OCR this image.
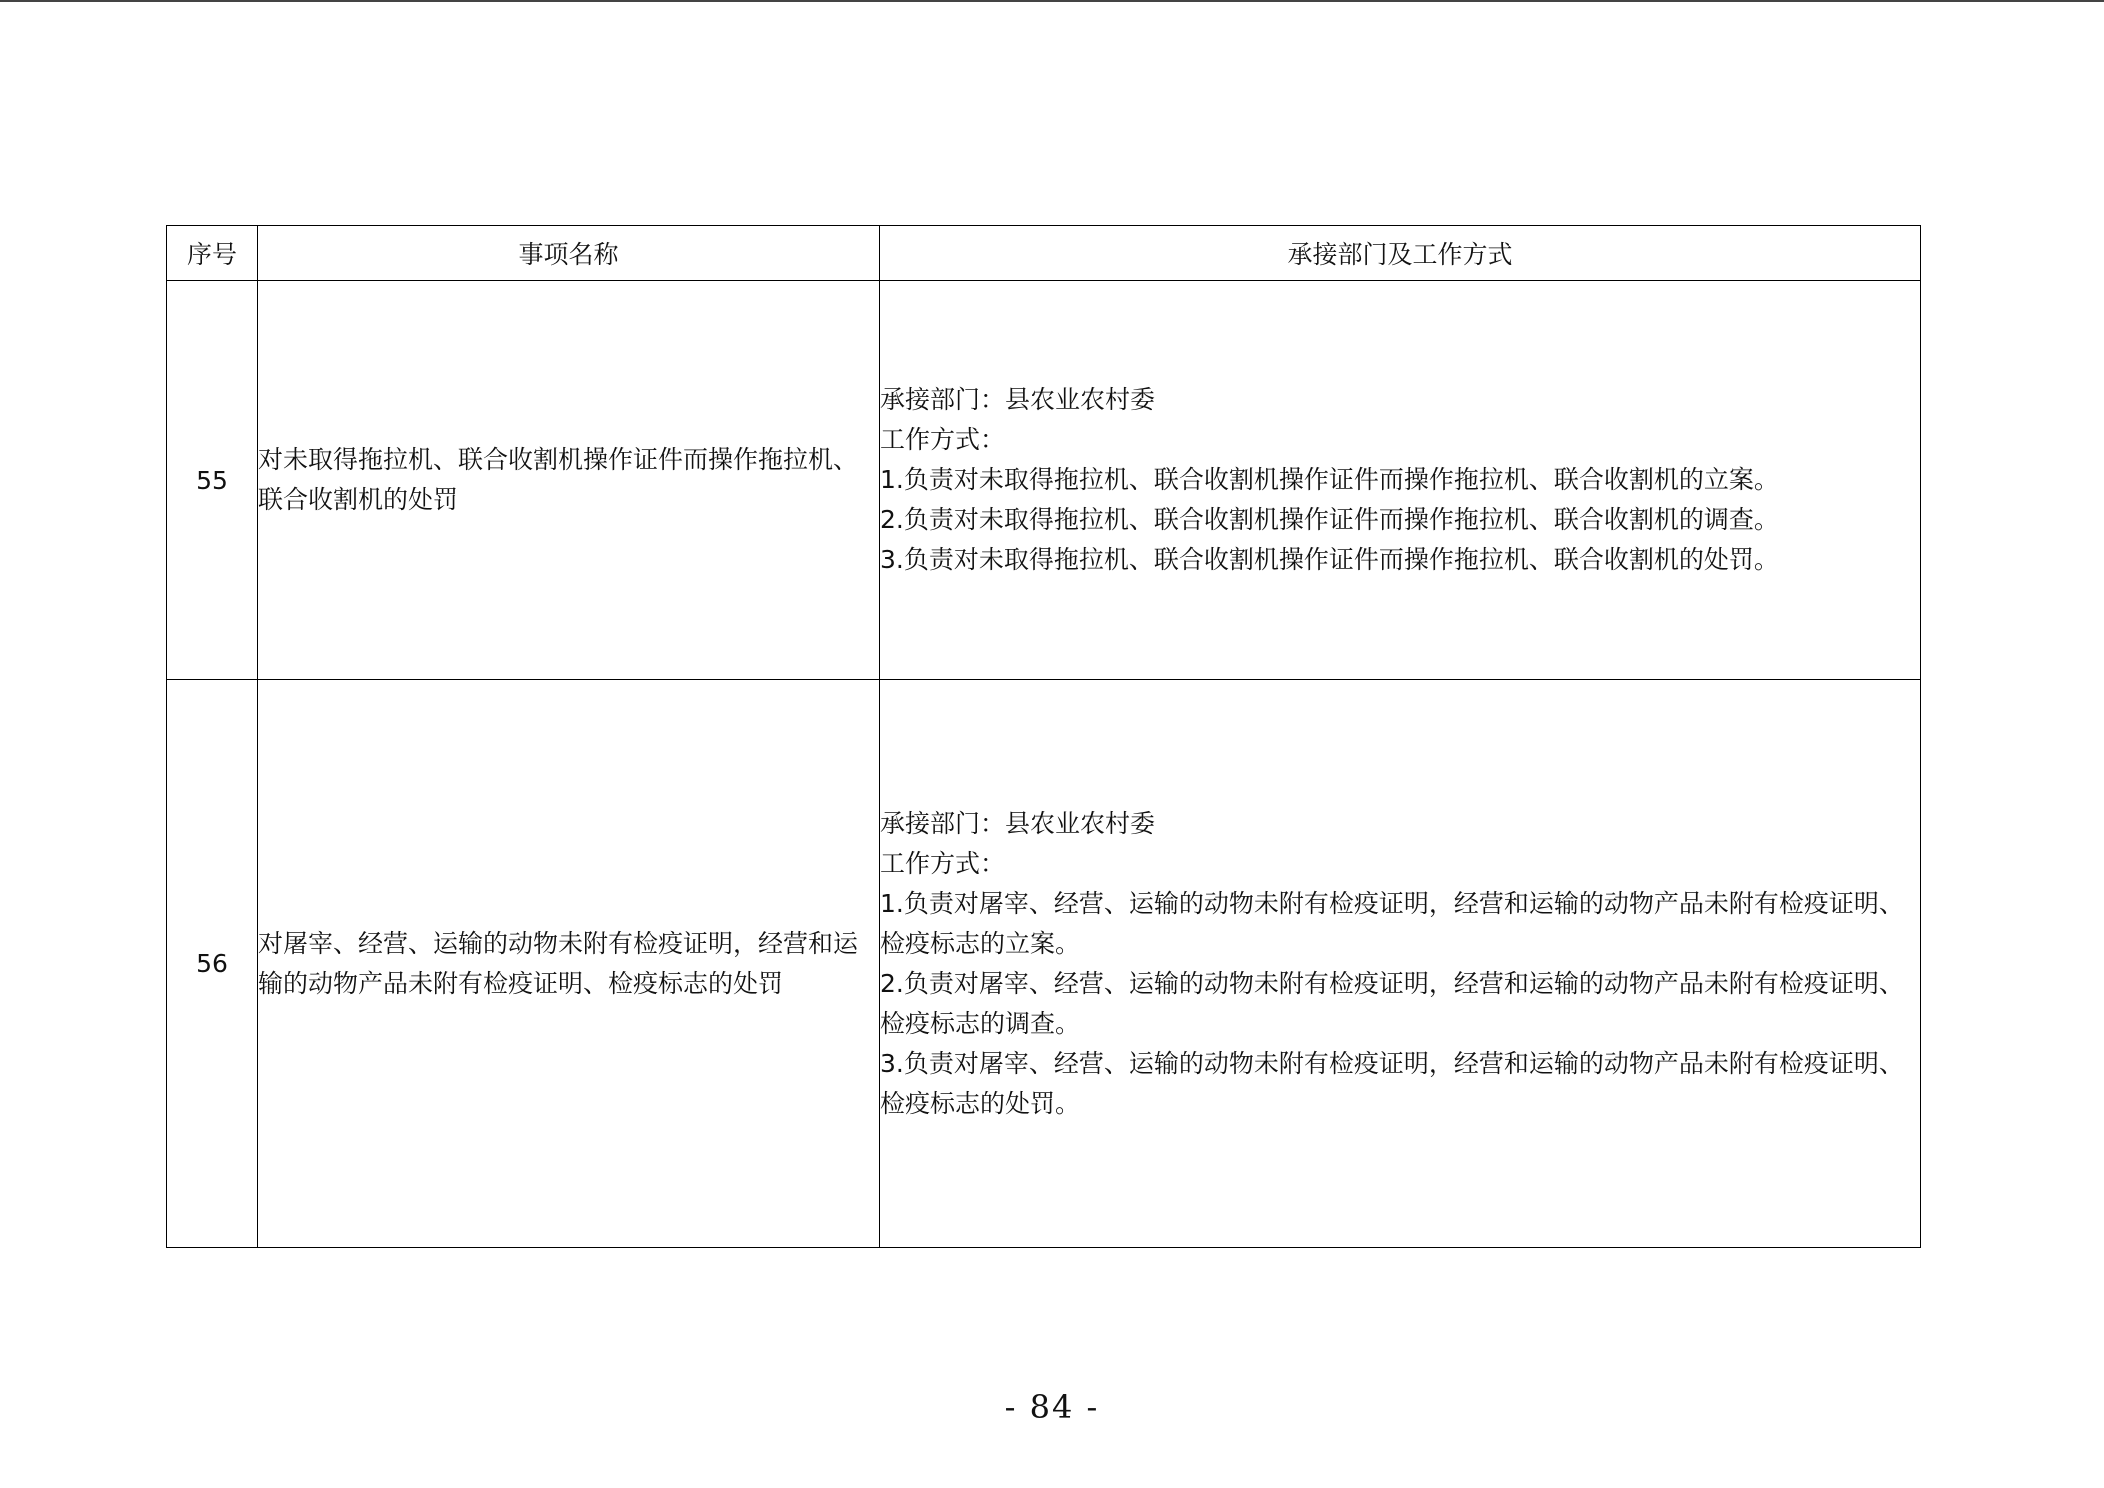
序号	事项名称	承接部门及工作方式
55	对未取得拖拉机、联合收割机操作证件而操作拖拉机、联合收割机的处罚	承接部门：县农业农村委
工作方式：
1.负责对未取得拖拉机、联合收割机操作证件而操作拖拉机、联合收割机的立案。
2.负责对未取得拖拉机、联合收割机操作证件而操作拖拉机、联合收割机的调查。
3.负责对未取得拖拉机、联合收割机操作证件而操作拖拉机、联合收割机的处罚。

56	对屠宰、经营、运输的动物未附有检疫证明，经营和运输的动物产品未附有检疫证明、检疫标志的处罚	承接部门：县农业农村委
工作方式：
1.负责对屠宰、经营、运输的动物未附有检疫证明，经营和运输的动物产品未附有检疫证明、检疫标志的立案。
2.负责对屠宰、经营、运输的动物未附有检疫证明，经营和运输的动物产品未附有检疫证明、检疫标志的调查。
3.负责对屠宰、经营、运输的动物未附有检疫证明，经营和运输的动物产品未附有检疫证明、检疫标志的处罚。
- 84 -
